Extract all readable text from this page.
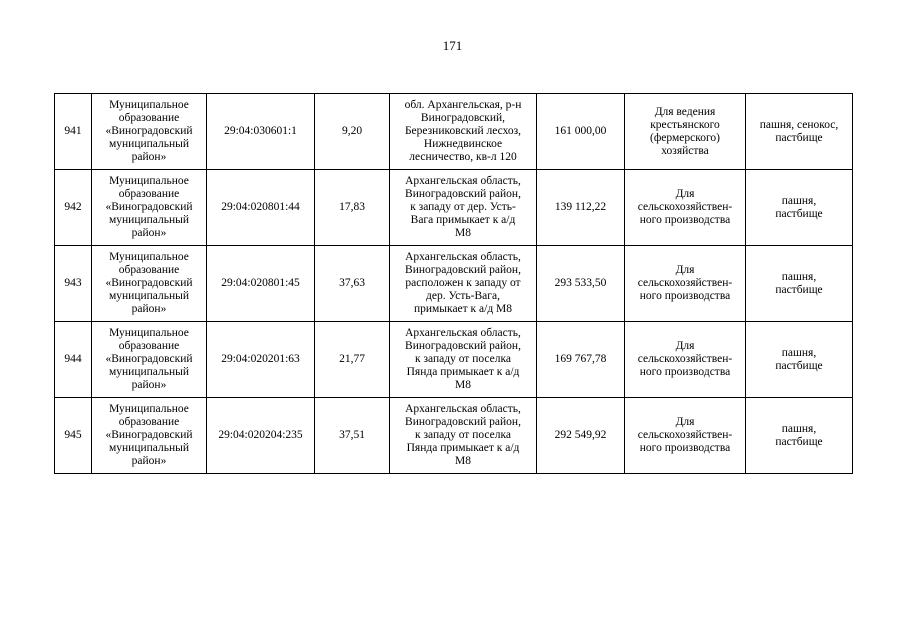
171
941	Муниципальное
образование
«Виноградовский
муниципальный
район»	29:04:030601:1	9,20	обл. Архангельская, р-н
Виноградовский,
Березниковский лесхоз,
Нижнедвинское
лесничество, кв-л 120	161 000,00	Для ведения
крестьянского
(фермерского)
хозяйства	пашня, сенокос,
пастбище

942	Муниципальное
образование
«Виноградовский
муниципальный
район»	29:04:020801:44	17,83	Архангельская область,
Виноградовский район,
к западу от дер. Усть-
Вага примыкает к а/д
М8	139 112,22	Для
сельскохозяйствен-
ного производства	пашня,
пастбище

943	Муниципальное
образование
«Виноградовский
муниципальный
район»	29:04:020801:45	37,63	Архангельская область,
Виноградовский район,
расположен к западу от
дер. Усть-Вага,
примыкает к а/д М8	293 533,50	Для
сельскохозяйствен-
ного производства	пашня,
пастбище

944	Муниципальное
образование
«Виноградовский
муниципальный
район»	29:04:020201:63	21,77	Архангельская область,
Виноградовский район,
к западу от поселка
Пянда примыкает к а/д
М8	169 767,78	Для
сельскохозяйствен-
ного производства	пашня,
пастбище

945	Муниципальное
образование
«Виноградовский
муниципальный
район»	29:04:020204:235	37,51	Архангельская область,
Виноградовский район,
к западу от поселка
Пянда примыкает к а/д
М8	292 549,92	Для
сельскохозяйствен-
ного производства	пашня,
пастбище
